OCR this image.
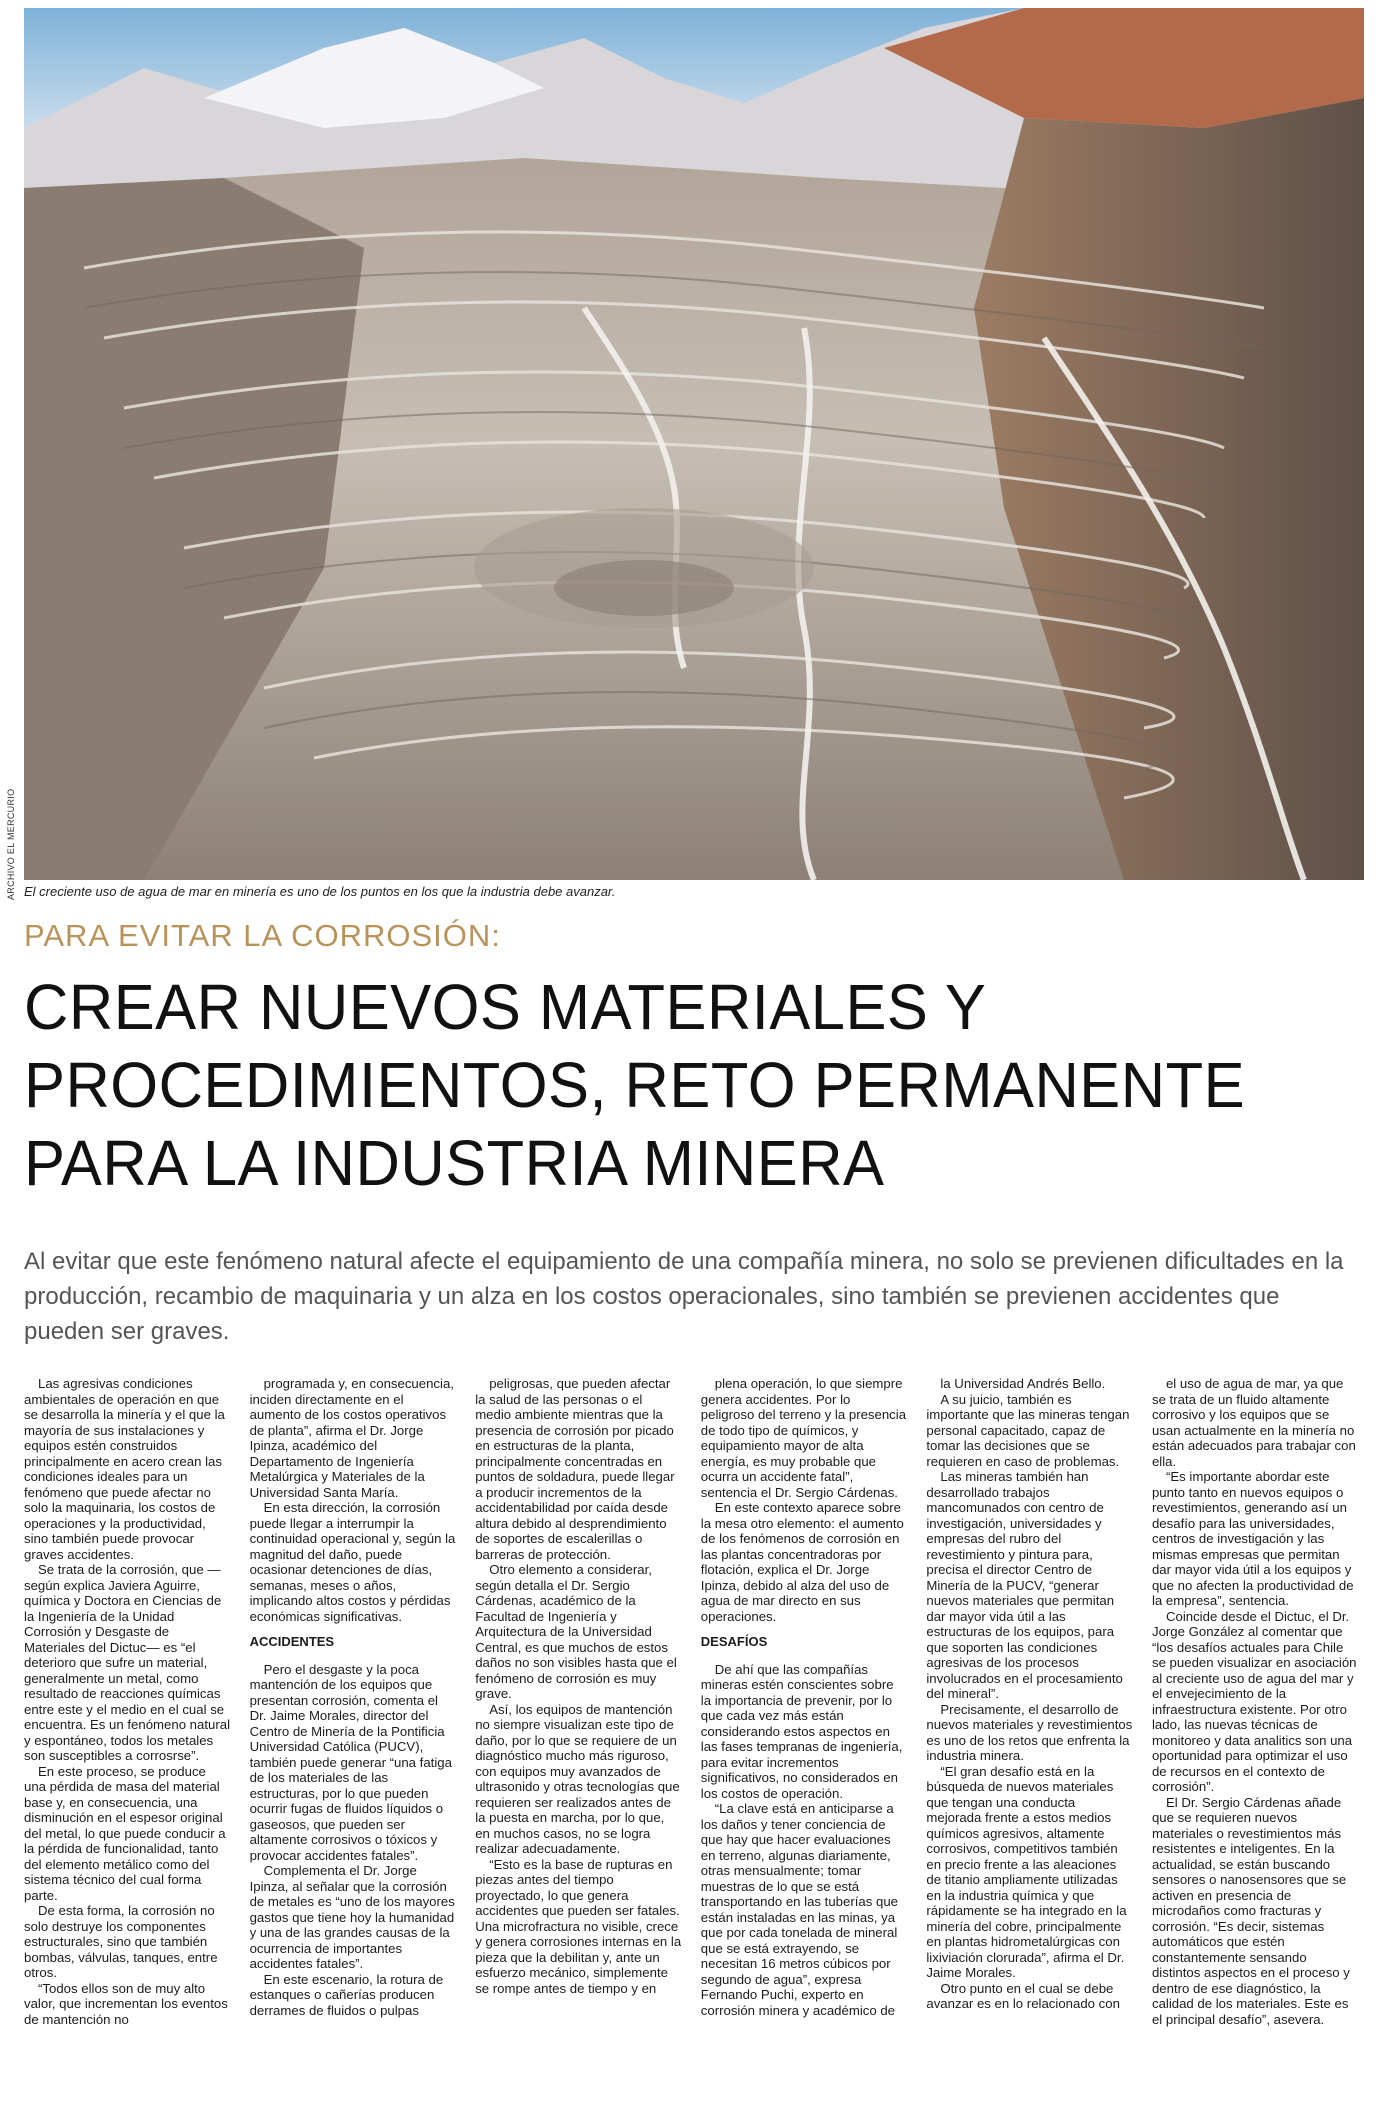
ARCHIVO EL MERCURIO El creciente uso de agua de mar en minería es uno de los puntos en los que la industria debe avanzar.
PARA EVITAR LA CORROSIÓN:
CREAR NUEVOS MATERIALES Y
PROCEDIMIENTOS, RETO PERMANENTE
PARA LA INDUSTRIA MINERA
Al evitar que este fenómeno natural afecte el equipamiento de una compañía minera, no solo se previenen dificultades en la producción, recambio de maquinaria y un alza en los costos operacionales, sino también se previenen accidentes que pueden ser graves.

Las agresivas condiciones ambientales de operación en que se desarrolla la minería y el que la mayoría de sus instalaciones y equipos estén construidos principalmente en acero crean las condiciones ideales para un fenómeno que puede afectar no solo la maquinaria, los costos de operaciones y la productividad, sino también puede provocar graves accidentes.

Se trata de la corrosión, que —según explica Javiera Aguirre, química y Doctora en Ciencias de la Ingeniería de la Unidad Corrosión y Desgaste de Materiales del Dictuc— es “el deterioro que sufre un material, generalmente un metal, como resultado de reacciones químicas entre este y el medio en el cual se encuentra. Es un fenómeno natural y espontáneo, todos los metales son susceptibles a corrosrse”.

En este proceso, se produce una pérdida de masa del material base y, en consecuencia, una disminución en el espesor original del metal, lo que puede conducir a la pérdida de funcionalidad, tanto del elemento metálico como del sistema técnico del cual forma parte.

De esta forma, la corrosión no solo destruye los componentes estructurales, sino que también bombas, válvulas, tanques, entre otros.

“Todos ellos son de muy alto valor, que incrementan los eventos de mantención no

programada y, en consecuencia, inciden directamente en el aumento de los costos operativos de planta”, afirma el Dr. Jorge Ipinza, académico del Departamento de Ingeniería Metalúrgica y Materiales de la Universidad Santa María.

En esta dirección, la corrosión puede llegar a interrumpir la continuidad operacional y, según la magnitud del daño, puede ocasionar detenciones de días, semanas, meses o años, implicando altos costos y pérdidas económicas significativas.

ACCIDENTES

Pero el desgaste y la poca mantención de los equipos que presentan corrosión, comenta el Dr. Jaime Morales, director del Centro de Minería de la Pontificia Universidad Católica (PUCV), también puede generar “una fatiga de los materiales de las estructuras, por lo que pueden ocurrir fugas de fluidos líquidos o gaseosos, que pueden ser altamente corrosivos o tóxicos y provocar accidentes fatales”.

Complementa el Dr. Jorge Ipinza, al señalar que la corrosión de metales es “uno de los mayores gastos que tiene hoy la humanidad y una de las grandes causas de la ocurrencia de importantes accidentes fatales”.

En este escenario, la rotura de estanques o cañerías producen derrames de fluidos o pulpas

peligrosas, que pueden afectar la salud de las personas o el medio ambiente mientras que la presencia de corrosión por picado en estructuras de la planta, principalmente concentradas en puntos de soldadura, puede llegar a producir incrementos de la accidentabilidad por caída desde altura debido al desprendimiento de soportes de escalerillas o barreras de protección.

Otro elemento a considerar, según detalla el Dr. Sergio Cárdenas, académico de la Facultad de Ingeniería y Arquitectura de la Universidad Central, es que muchos de estos daños no son visibles hasta que el fenómeno de corrosión es muy grave.

Así, los equipos de mantención no siempre visualizan este tipo de daño, por lo que se requiere de un diagnóstico mucho más riguroso, con equipos muy avanzados de ultrasonido y otras tecnologías que requieren ser realizados antes de la puesta en marcha, por lo que, en muchos casos, no se logra realizar adecuadamente.

“Esto es la base de rupturas en piezas antes del tiempo proyectado, lo que genera accidentes que pueden ser fatales. Una microfractura no visible, crece y genera corrosiones internas en la pieza que la debilitan y, ante un esfuerzo mecánico, simplemente se rompe antes de tiempo y en

plena operación, lo que siempre genera accidentes. Por lo peligroso del terreno y la presencia de todo tipo de químicos, y equipamiento mayor de alta energía, es muy probable que ocurra un accidente fatal”, sentencia el Dr. Sergio Cárdenas.

En este contexto aparece sobre la mesa otro elemento: el aumento de los fenómenos de corrosión en las plantas concentradoras por flotación, explica el Dr. Jorge Ipinza, debido al alza del uso de agua de mar directo en sus operaciones.

DESAFÍOS

De ahí que las compañías mineras estén conscientes sobre la importancia de prevenir, por lo que cada vez más están considerando estos aspectos en las fases tempranas de ingeniería, para evitar incrementos significativos, no considerados en los costos de operación.

“La clave está en anticiparse a los daños y tener conciencia de que hay que hacer evaluaciones en terreno, algunas diariamente, otras mensualmente; tomar muestras de lo que se está transportando en las tuberías que están instaladas en las minas, ya que por cada tonelada de mineral que se está extrayendo, se necesitan 16 metros cúbicos por segundo de agua”, expresa Fernando Puchi, experto en corrosión minera y académico de

la Universidad Andrés Bello.

A su juicio, también es importante que las mineras tengan personal capacitado, capaz de tomar las decisiones que se requieren en caso de problemas.

Las mineras también han desarrollado trabajos mancomunados con centro de investigación, universidades y empresas del rubro del revestimiento y pintura para, precisa el director Centro de Minería de la PUCV, “generar nuevos materiales que permitan dar mayor vida útil a las estructuras de los equipos, para que soporten las condiciones agresivas de los procesos involucrados en el procesamiento del mineral”.

Precisamente, el desarrollo de nuevos materiales y revestimientos es uno de los retos que enfrenta la industria minera.

“El gran desafío está en la búsqueda de nuevos materiales que tengan una conducta mejorada frente a estos medios químicos agresivos, altamente corrosivos, competitivos también en precio frente a las aleaciones de titanio ampliamente utilizadas en la industria química y que rápidamente se ha integrado en la minería del cobre, principalmente en plantas hidrometalúrgicas con lixiviación clorurada”, afirma el Dr. Jaime Morales.

Otro punto en el cual se debe avanzar es en lo relacionado con

el uso de agua de mar, ya que se trata de un fluido altamente corrosivo y los equipos que se usan actualmente en la minería no están adecuados para trabajar con ella.

“Es importante abordar este punto tanto en nuevos equipos o revestimientos, generando así un desafío para las universidades, centros de investigación y las mismas empresas que permitan dar mayor vida útil a los equipos y que no afecten la productividad de la empresa”, sentencia.

Coincide desde el Dictuc, el Dr. Jorge González al comentar que “los desafíos actuales para Chile se pueden visualizar en asociación al creciente uso de agua del mar y el envejecimiento de la infraestructura existente. Por otro lado, las nuevas técnicas de monitoreo y data analitics son una oportunidad para optimizar el uso de recursos en el contexto de corrosión”.

El Dr. Sergio Cárdenas añade que se requieren nuevos materiales o revestimientos más resistentes e inteligentes. En la actualidad, se están buscando sensores o nanosensores que se activen en presencia de microdaños como fracturas y corrosión. “Es decir, sistemas automáticos que estén constantemente sensando distintos aspectos en el proceso y dentro de ese diagnóstico, la calidad de los materiales. Este es el principal desafío”, asevera.
